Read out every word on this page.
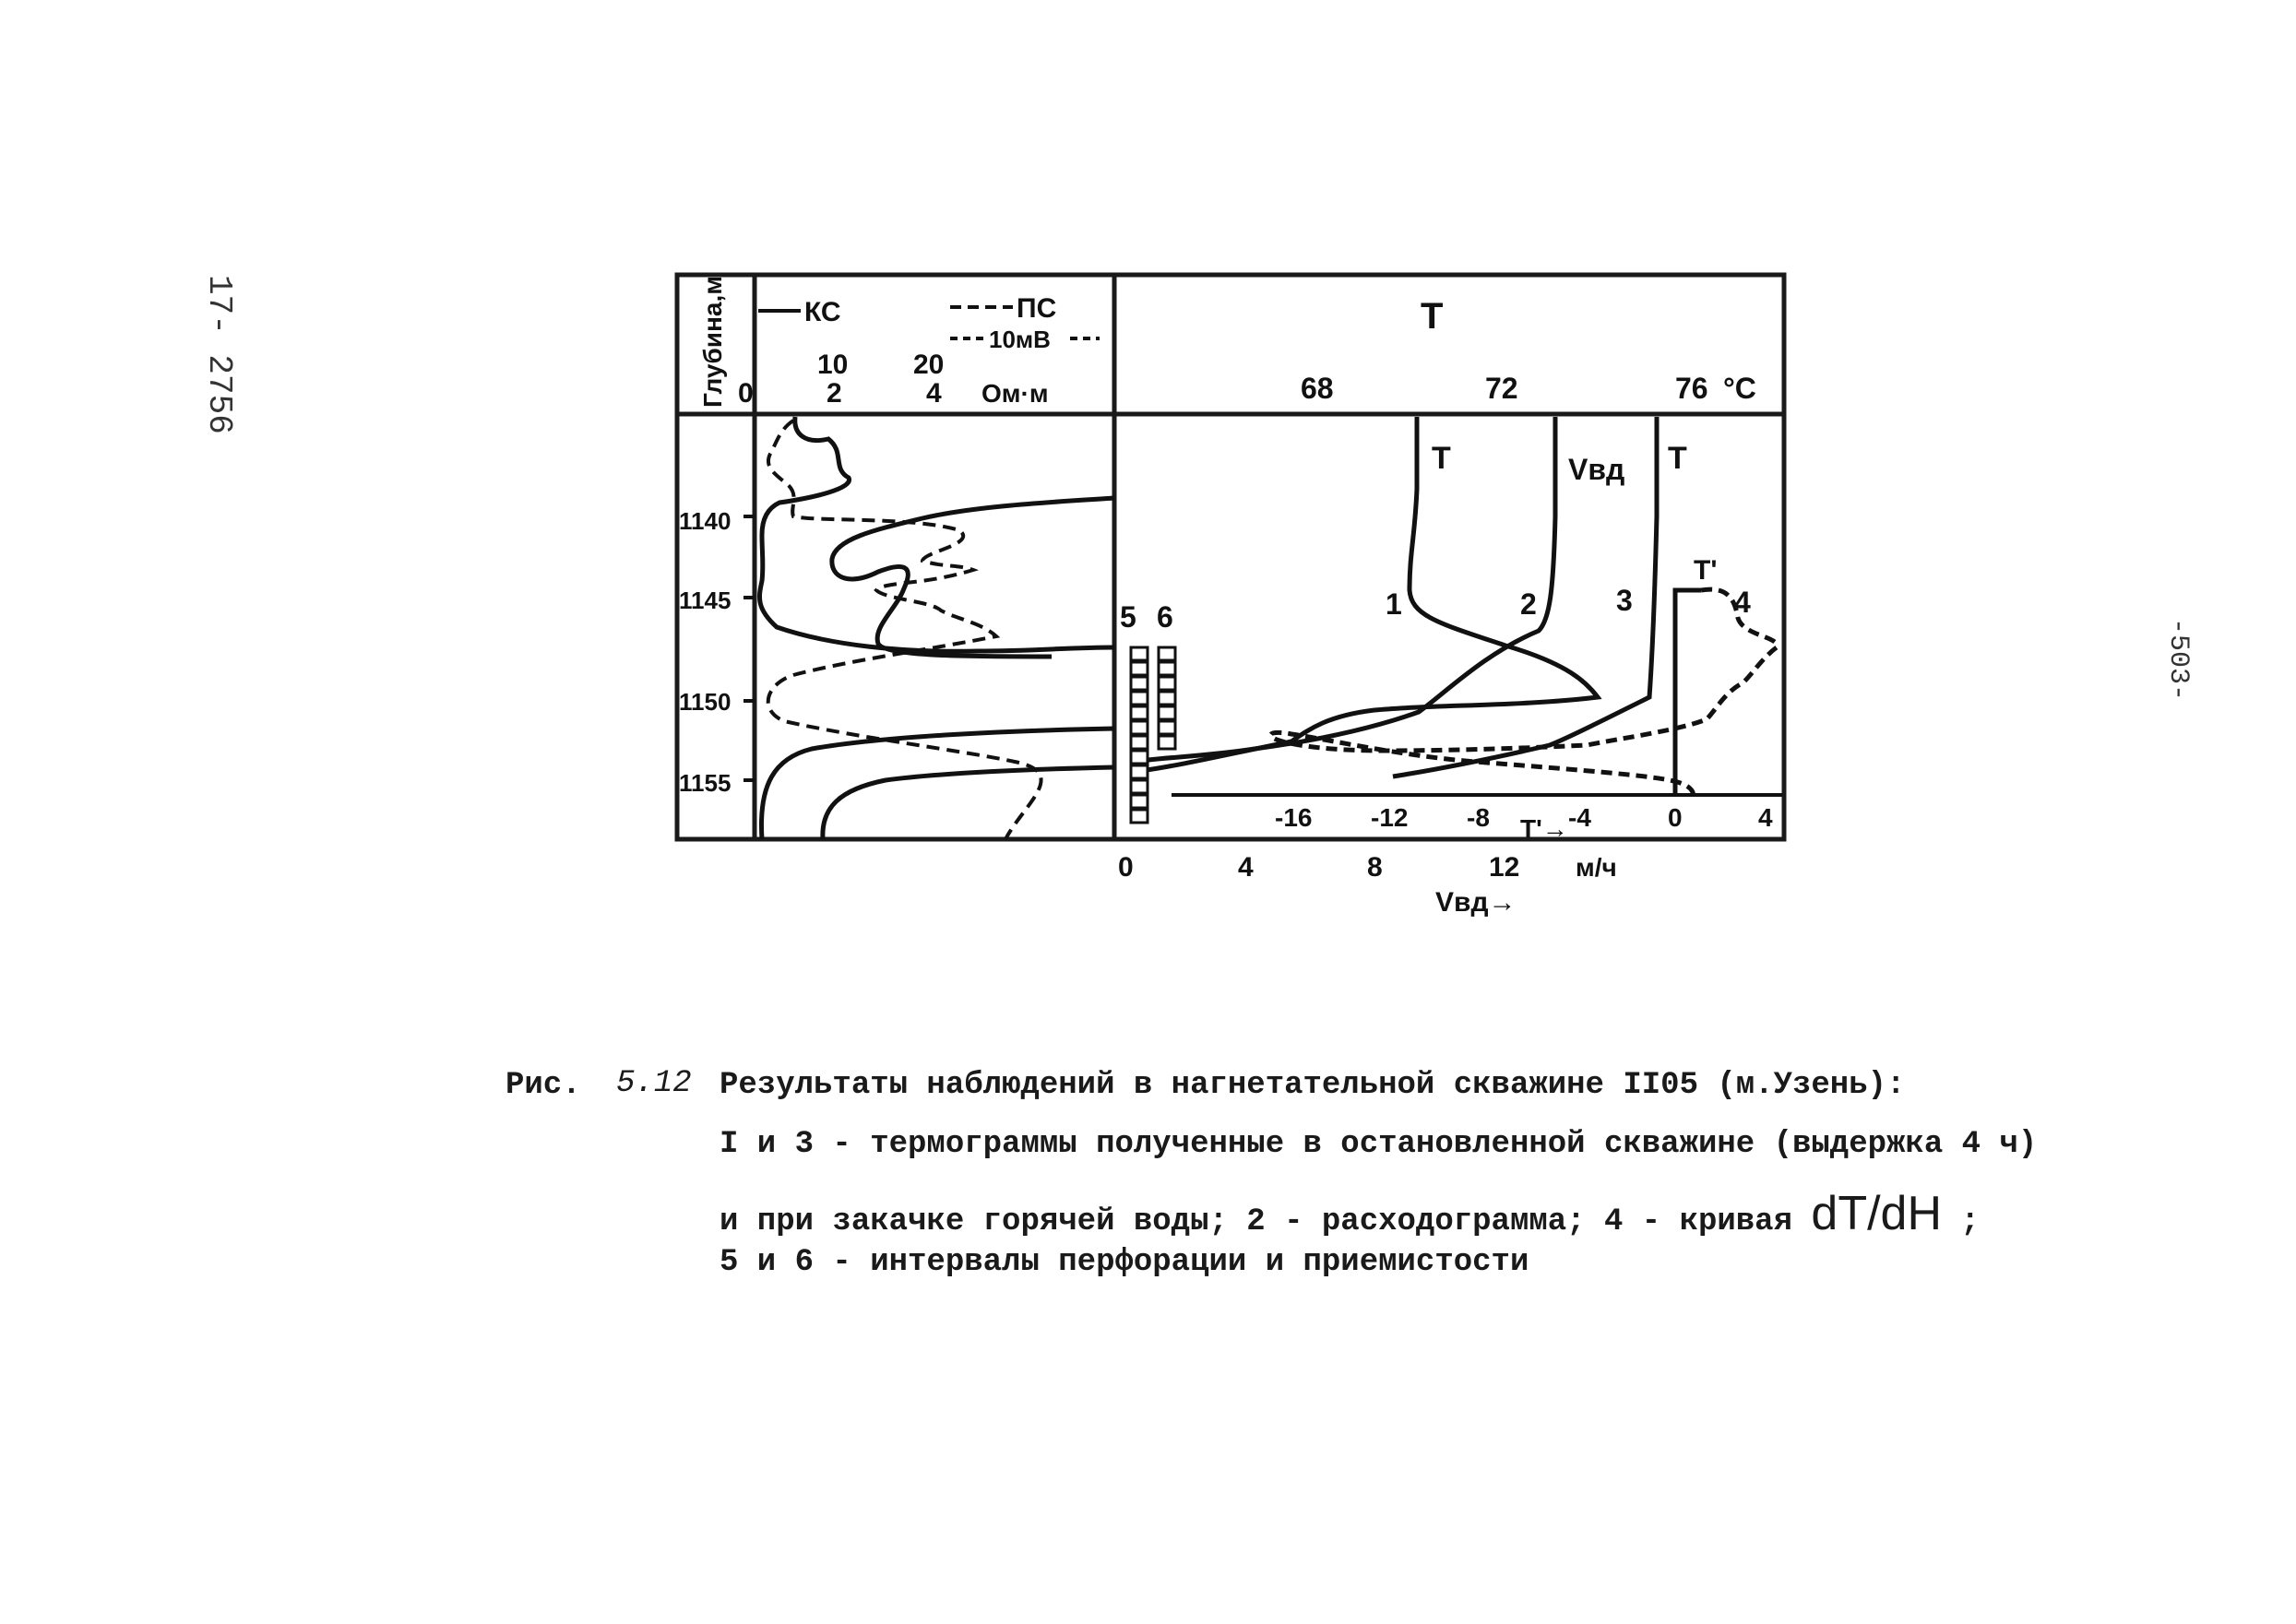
17- 2756
-503-
Глубина,м	КС	ПС
10мВ
10 20
0	2	4 Ом·м
T
68	72	76 °C
1140
1145
1150
1155
T	Vвд T
T'
1	2	3	4
5 6
-16 -12 -8	-4	0	4
T'→
0	4	8	12 м/ч
Vвд→
Рис. 5.12 Результаты наблюдений в нагнетательной скважине II05 (м.Узень):
I и 3 - термограммы полученные в остановленной скважине (выдержка 4 ч)
и при закачке горячей воды; 2 - расходограмма; 4 - кривая dT/dH ;
5 и 6 - интервалы перфорации и приемистости
